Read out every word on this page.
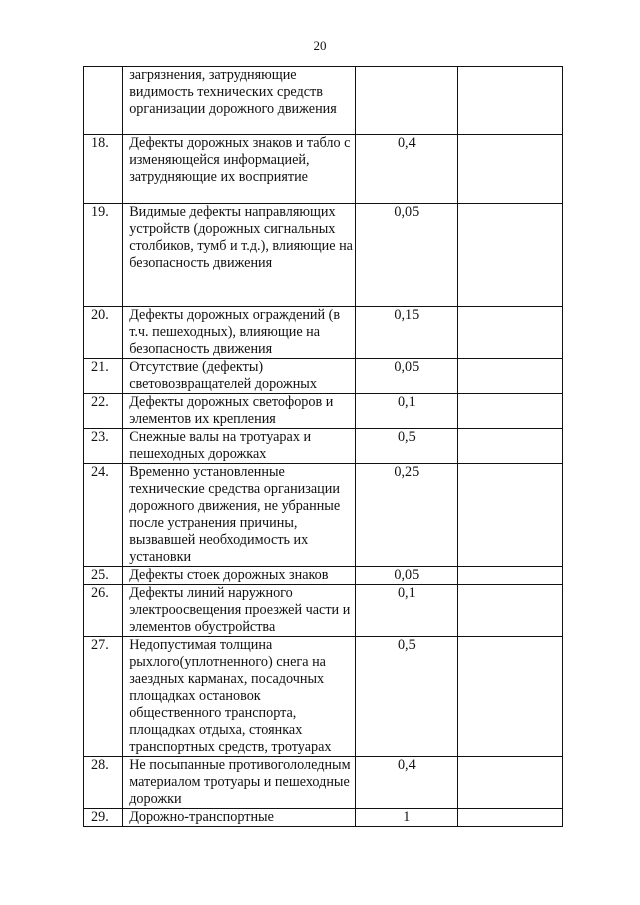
20
	загрязнения, затрудняющие видимость технических средств организации дорожного движения		
18.	Дефекты дорожных знаков и табло с изменяющейся информацией, затрудняющие их восприятие	0,4	
19.	Видимые дефекты направляющих устройств (дорожных сигнальных столбиков, тумб и т.д.), влияющие на безопасность движения	0,05	
20.	Дефекты дорожных ограждений (в т.ч. пешеходных), влияющие на безопасность движения	0,15	
21.	Отсутствие (дефекты) световозвращателей дорожных	0,05	
22.	Дефекты дорожных светофоров и элементов их крепления	0,1	
23.	Снежные валы на тротуарах и пешеходных дорожках	0,5	
24.	Временно установленные технические средства организации дорожного движения, не убранные после устранения причины, вызвавшей необходимость их установки	0,25	
25.	Дефекты стоек дорожных знаков	0,05	
26.	Дефекты линий наружного электроосвещения проезжей части и элементов обустройства	0,1	
27.	Недопустимая толщина рыхлого(уплотненного) снега на заездных карманах, посадочных площадках остановок общественного транспорта, площадках отдыха, стоянках транспортных средств, тротуарах	0,5	
28.	Не посыпанные противогололедным материалом тротуары и пешеходные дорожки	0,4	
29.	Дорожно-транспортные	1	
